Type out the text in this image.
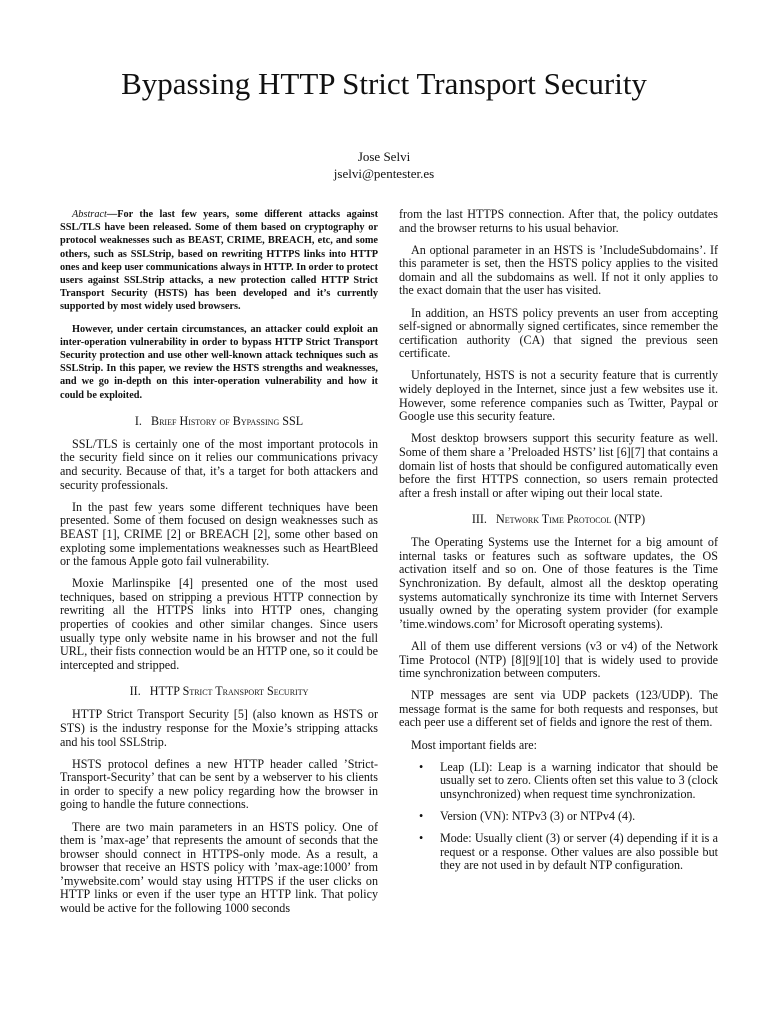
Bypassing HTTP Strict Transport Security
Jose Selvi
jselvi@pentester.es

Abstract—For the last few years, some different attacks against SSL/TLS have been released. Some of them based on cryptography or protocol weaknesses such as BEAST, CRIME, BREACH, etc, and some others, such as SSLStrip, based on rewriting HTTPS links into HTTP ones and keep user communications always in HTTP. In order to protect users against SSLStrip attacks, a new protection called HTTP Strict Transport Security (HSTS) has been developed and it’s currently supported by most widely used browsers.

However, under certain circumstances, an attacker could exploit an inter-operation vulnerability in order to bypass HTTP Strict Transport Security protection and use other well-known attack techniques such as SSLStrip. In this paper, we review the HSTS strengths and weaknesses, and we go in-depth on this inter-operation vulnerability and how it could be exploited.

I. Brief History of Bypassing SSL

SSL/TLS is certainly one of the most important protocols in the security field since on it relies our communications privacy and security. Because of that, it’s a target for both attackers and security professionals.

In the past few years some different techniques have been presented. Some of them focused on design weaknesses such as BEAST [1], CRIME [2] or BREACH [2], some other based on exploting some implementations weaknesses such as HeartBleed or the famous Apple goto fail vulnerability.

Moxie Marlinspike [4] presented one of the most used techniques, based on stripping a previous HTTP connection by rewriting all the HTTPS links into HTTP ones, changing properties of cookies and other similar changes. Since users usually type only website name in his browser and not the full URL, their fists connection would be an HTTP one, so it could be intercepted and stripped.

II. HTTP Strict Transport Security

HTTP Strict Transport Security [5] (also known as HSTS or STS) is the industry response for the Moxie’s stripping attacks and his tool SSLStrip.

HSTS protocol defines a new HTTP header called ’Strict-Transport-Security’ that can be sent by a webserver to his clients in order to specify a new policy regarding how the browser in going to handle the future connections.

There are two main parameters in an HSTS policy. One of them is ’max-age’ that represents the amount of seconds that the browser should connect in HTTPS-only mode. As a result, a browser that receive an HSTS policy with ’max-age:1000’ from ’mywebsite.com’ would stay using HTTPS if the user clicks on HTTP links or even if the user type an HTTP link. That policy would be active for the following 1000 seconds

from the last HTTPS connection. After that, the policy outdates and the browser returns to his usual behavior.

An optional parameter in an HSTS is ’IncludeSubdomains’. If this parameter is set, then the HSTS policy applies to the visited domain and all the subdomains as well. If not it only applies to the exact domain that the user has visited.

In addition, an HSTS policy prevents an user from accepting self-signed or abnormally signed certificates, since remember the certification authority (CA) that signed the previous seen certificate.

Unfortunately, HSTS is not a security feature that is currently widely deployed in the Internet, since just a few websites use it. However, some reference companies such as Twitter, Paypal or Google use this security feature.

Most desktop browsers support this security feature as well. Some of them share a ’Preloaded HSTS’ list [6][7] that contains a domain list of hosts that should be configured automatically even before the first HTTPS connection, so users remain protected after a fresh install or after wiping out their local state.

III. Network Time Protocol (NTP)

The Operating Systems use the Internet for a big amount of internal tasks or features such as software updates, the OS activation itself and so on. One of those features is the Time Synchronization. By default, almost all the desktop operating systems automatically synchronize its time with Internet Servers usually owned by the operating system provider (for example ’time.windows.com’ for Microsoft operating systems).

All of them use different versions (v3 or v4) of the Network Time Protocol (NTP) [8][9][10] that is widely used to provide time synchronization between computers.

NTP messages are sent via UDP packets (123/UDP). The message format is the same for both requests and responses, but each peer use a different set of fields and ignore the rest of them.

Most important fields are:

• Leap (LI): Leap is a warning indicator that should be usually set to zero. Clients often set this value to 3 (clock unsynchronized) when request time synchronization.
• Version (VN): NTPv3 (3) or NTPv4 (4).
• Mode: Usually client (3) or server (4) depending if it is a request or a response. Other values are also possible but they are not used in by default NTP configuration.
